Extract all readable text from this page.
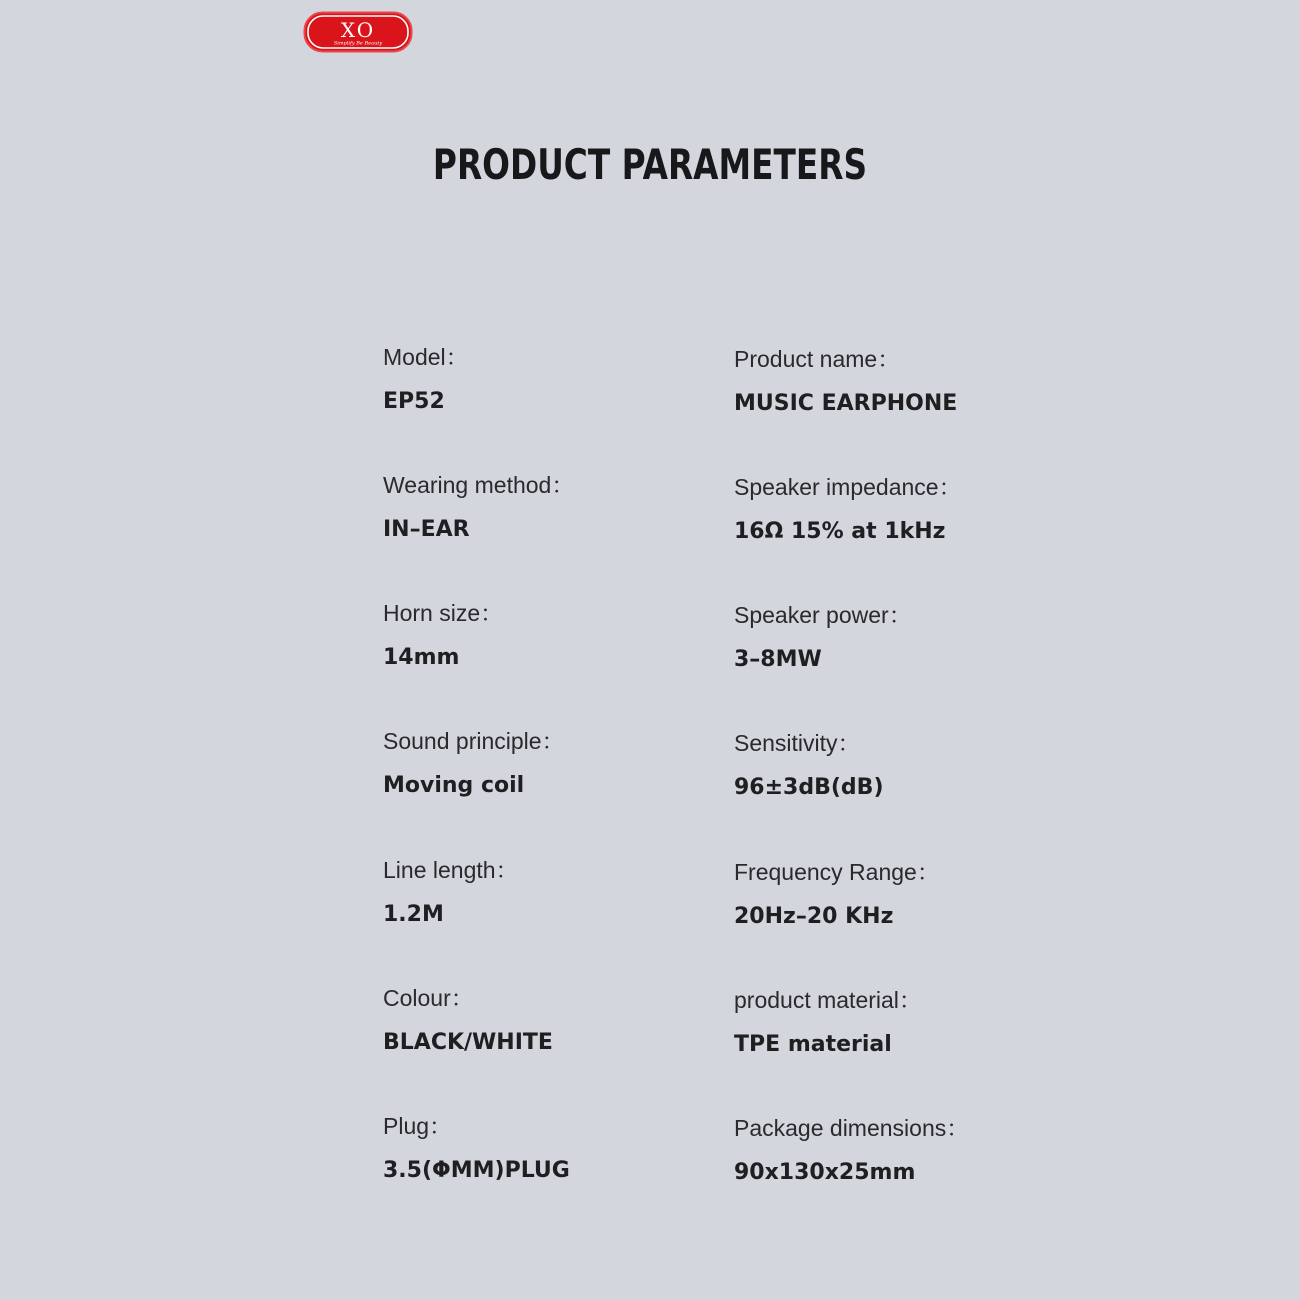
XO
Simplify Be Beauty
PRODUCT PARAMETERS
Model：
EP52
Product name：
MUSIC EARPHONE
Wearing method：
IN–EAR
Speaker impedance：
16Ω 15% at 1kHz
Horn size：
14mm
Speaker power：
3–8MW
Sound principle：
Moving coil
Sensitivity：
96±3dB(dB)
Line length：
1.2M
Frequency Range：
20Hz–20 KHz
Colour：
BLACK/WHITE
product material：
TPE material
Plug：
3.5(ΦMM)PLUG
Package dimensions：
90x130x25mm
